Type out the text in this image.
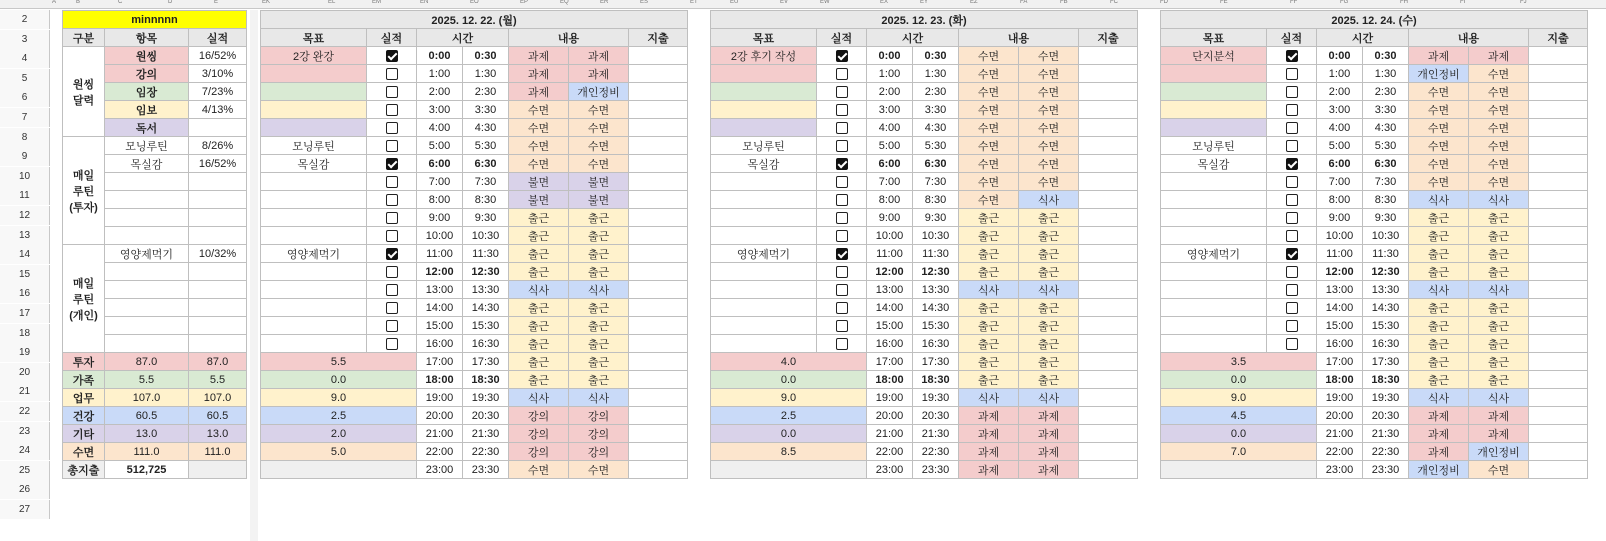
A	B	C	D	E	EK	EL	EM	EN	EO	EP	EQ	ER	ES	ET	EU	EV	EW	EX	EY	EZ	FA	FB	FC	FD	FE	FF	FG	FH	FI	FJ
2
3
4
5
6
7
8
9
10
11
12
13
14
15
16
17
18
19
20
21
22
23
24
25
26
27
minnnnn		
구분	항목	실적
원씽
달력	원씽	16/52%
	강의	3/10%
	임장	7/23%
	임보	4/13%
	독서	
매일
루틴
(투자)	모닝루틴	8/26%
	목실감	16/52%

매일
루틴
(개인)	영양제먹기	10/32%

투자	87.0	87.0
가족	5.5	5.5
업무	107.0	107.0
건강	60.5	60.5
기타	13.0	13.0
수면	111.0	111.0
총지출	512,725	
2025. 12. 22. (월)						
목표	실적	시간		내용		지출
2강 완강		0:00	0:30	과제	과제	
		1:00	1:30	과제	과제	
		2:00	2:30	과제	개인정비	
		3:00	3:30	수면	수면	
		4:00	4:30	수면	수면	
모닝루틴		5:00	5:30	수면	수면	
목실감		6:00	6:30	수면	수면	
		7:00	7:30	불면	불면	
		8:00	8:30	불면	불면	
		9:00	9:30	출근	출근	
		10:00	10:30	출근	출근	
영양제먹기		11:00	11:30	출근	출근	
		12:00	12:30	출근	출근	
		13:00	13:30	식사	식사	
		14:00	14:30	출근	출근	
		15:00	15:30	출근	출근	
		16:00	16:30	출근	출근	
5.5		17:00	17:30	출근	출근	
0.0		18:00	18:30	출근	출근	
9.0		19:00	19:30	식사	식사	
2.5		20:00	20:30	강의	강의	
2.0		21:00	21:30	강의	강의	
5.0		22:00	22:30	강의	강의	
		23:00	23:30	수면	수면	
2025. 12. 23. (화)						
목표	실적	시간		내용		지출
2강 후기 작성		0:00	0:30	수면	수면	
		1:00	1:30	수면	수면	
		2:00	2:30	수면	수면	
		3:00	3:30	수면	수면	
		4:00	4:30	수면	수면	
모닝루틴		5:00	5:30	수면	수면	
목실감		6:00	6:30	수면	수면	
		7:00	7:30	수면	수면	
		8:00	8:30	수면	식사	
		9:00	9:30	출근	출근	
		10:00	10:30	출근	출근	
영양제먹기		11:00	11:30	출근	출근	
		12:00	12:30	출근	출근	
		13:00	13:30	식사	식사	
		14:00	14:30	출근	출근	
		15:00	15:30	출근	출근	
		16:00	16:30	출근	출근	
4.0		17:00	17:30	출근	출근	
0.0		18:00	18:30	출근	출근	
9.0		19:00	19:30	식사	식사	
2.5		20:00	20:30	과제	과제	
0.0		21:00	21:30	과제	과제	
8.5		22:00	22:30	과제	과제	
		23:00	23:30	과제	과제	
2025. 12. 24. (수)						
목표	실적	시간		내용		지출
단지분석		0:00	0:30	과제	과제	
		1:00	1:30	개인정비	수면	
		2:00	2:30	수면	수면	
		3:00	3:30	수면	수면	
		4:00	4:30	수면	수면	
모닝루틴		5:00	5:30	수면	수면	
목실감		6:00	6:30	수면	수면	
		7:00	7:30	수면	수면	
		8:00	8:30	식사	식사	
		9:00	9:30	출근	출근	
		10:00	10:30	출근	출근	
영양제먹기		11:00	11:30	출근	출근	
		12:00	12:30	출근	출근	
		13:00	13:30	식사	식사	
		14:00	14:30	출근	출근	
		15:00	15:30	출근	출근	
		16:00	16:30	출근	출근	
3.5		17:00	17:30	출근	출근	
0.0		18:00	18:30	출근	출근	
9.0		19:00	19:30	식사	식사	
4.5		20:00	20:30	과제	과제	
0.0		21:00	21:30	과제	과제	
7.0		22:00	22:30	과제	개인정비	
		23:00	23:30	개인정비	수면	
